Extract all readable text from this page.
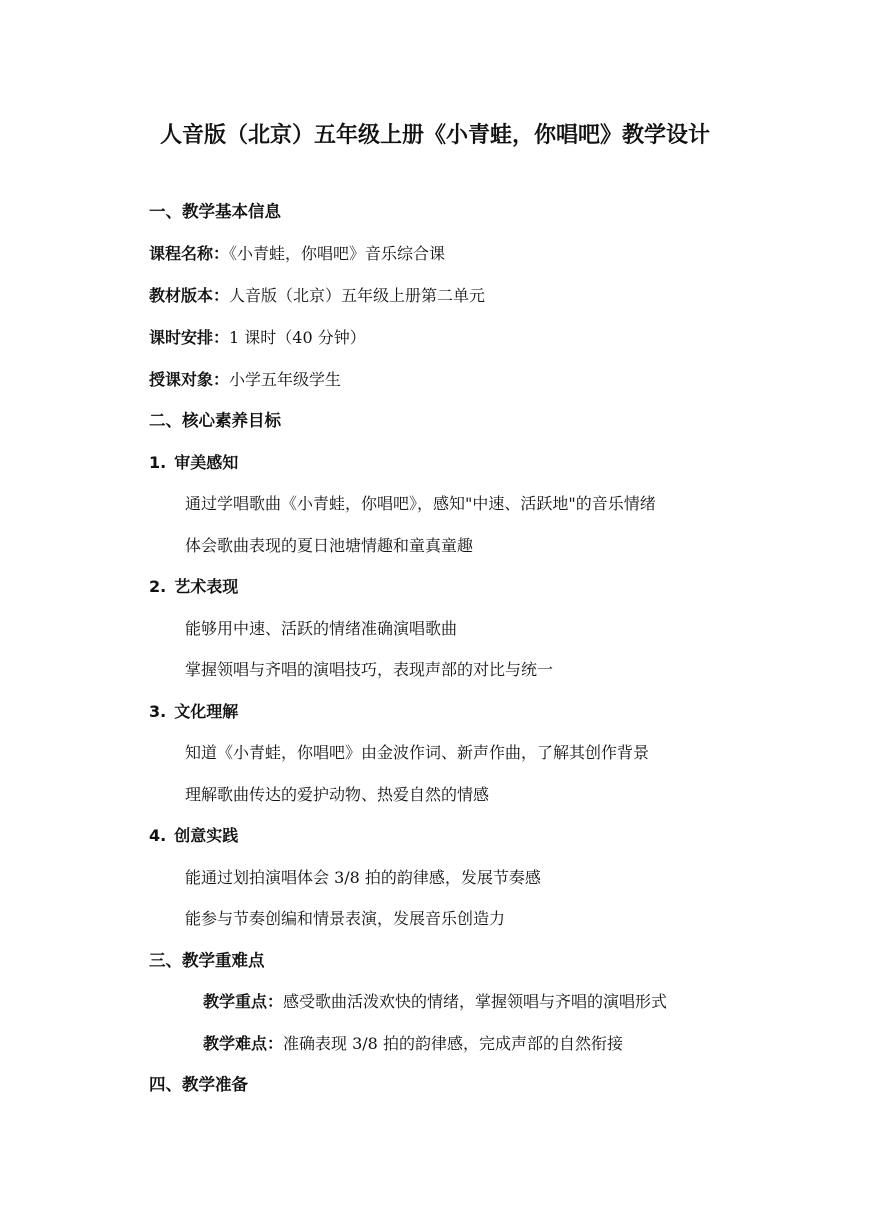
人音版（北京）五年级上册《小青蛙，你唱吧》教学设计
一、教学基本信息
课程名称：《小青蛙，你唱吧》音乐综合课
教材版本：人音版（北京）五年级上册第二单元
课时安排：1 课时（40 分钟）
授课对象：小学五年级学生
二、核心素养目标
1. 审美感知
通过学唱歌曲《小青蛙，你唱吧》，感知"中速、活跃地"的音乐情绪
体会歌曲表现的夏日池塘情趣和童真童趣
2. 艺术表现
能够用中速、活跃的情绪准确演唱歌曲
掌握领唱与齐唱的演唱技巧，表现声部的对比与统一
3. 文化理解
知道《小青蛙，你唱吧》由金波作词、新声作曲，了解其创作背景
理解歌曲传达的爱护动物、热爱自然的情感
4. 创意实践
能通过划拍演唱体会 3/8 拍的韵律感，发展节奏感
能参与节奏创编和情景表演，发展音乐创造力
三、教学重难点
教学重点：感受歌曲活泼欢快的情绪，掌握领唱与齐唱的演唱形式
教学难点：准确表现 3/8 拍的韵律感，完成声部的自然衔接
四、教学准备
